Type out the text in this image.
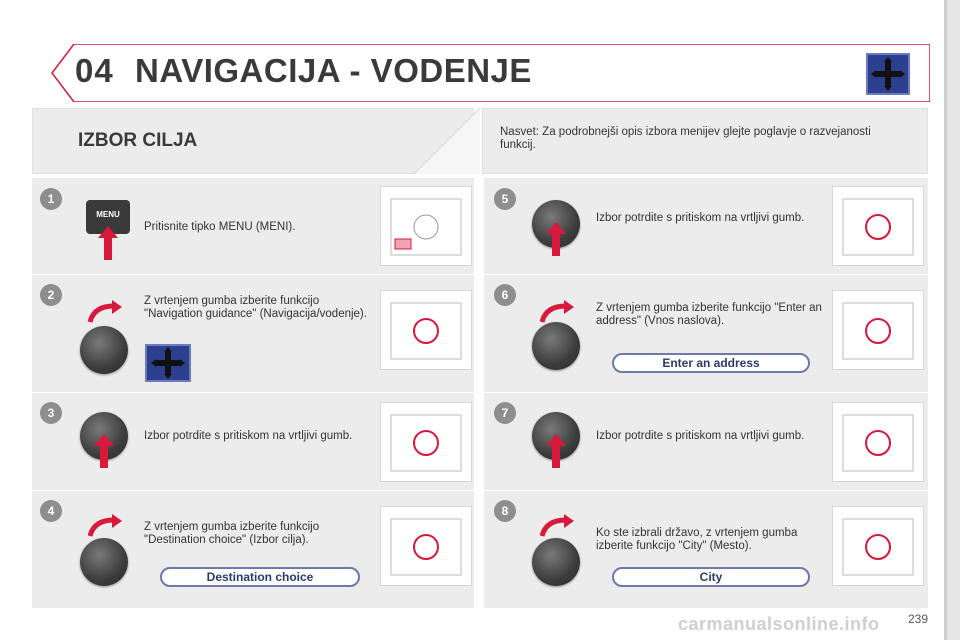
04 NAVIGACIJA - VODENJE
IZBOR CILJA	Nasvet: Za podrobnejši opis izbora menijev glejte poglavje o razvejanosti funkcij.
1
MENU
Pritisnite tipko MENU (MENI).
2	Z vrtenjem gumba izberite funkcijo "Navigation guidance" (Navigacija/vodenje).
3
Izbor potrdite s pritiskom na vrtljivi gumb.
4
Z vrtenjem gumba izberite funkcijo "Destination choice" (Izbor cilja).
Destination choice
5
Izbor potrdite s pritiskom na vrtljivi gumb.
6
Z vrtenjem gumba izberite funkcijo "Enter an address" (Vnos naslova).
Enter an address
7
Izbor potrdite s pritiskom na vrtljivi gumb.
8
Ko ste izbrali državo, z vrtenjem gumba izberite funkcijo "City" (Mesto).
City
carmanualsonline.info 239
